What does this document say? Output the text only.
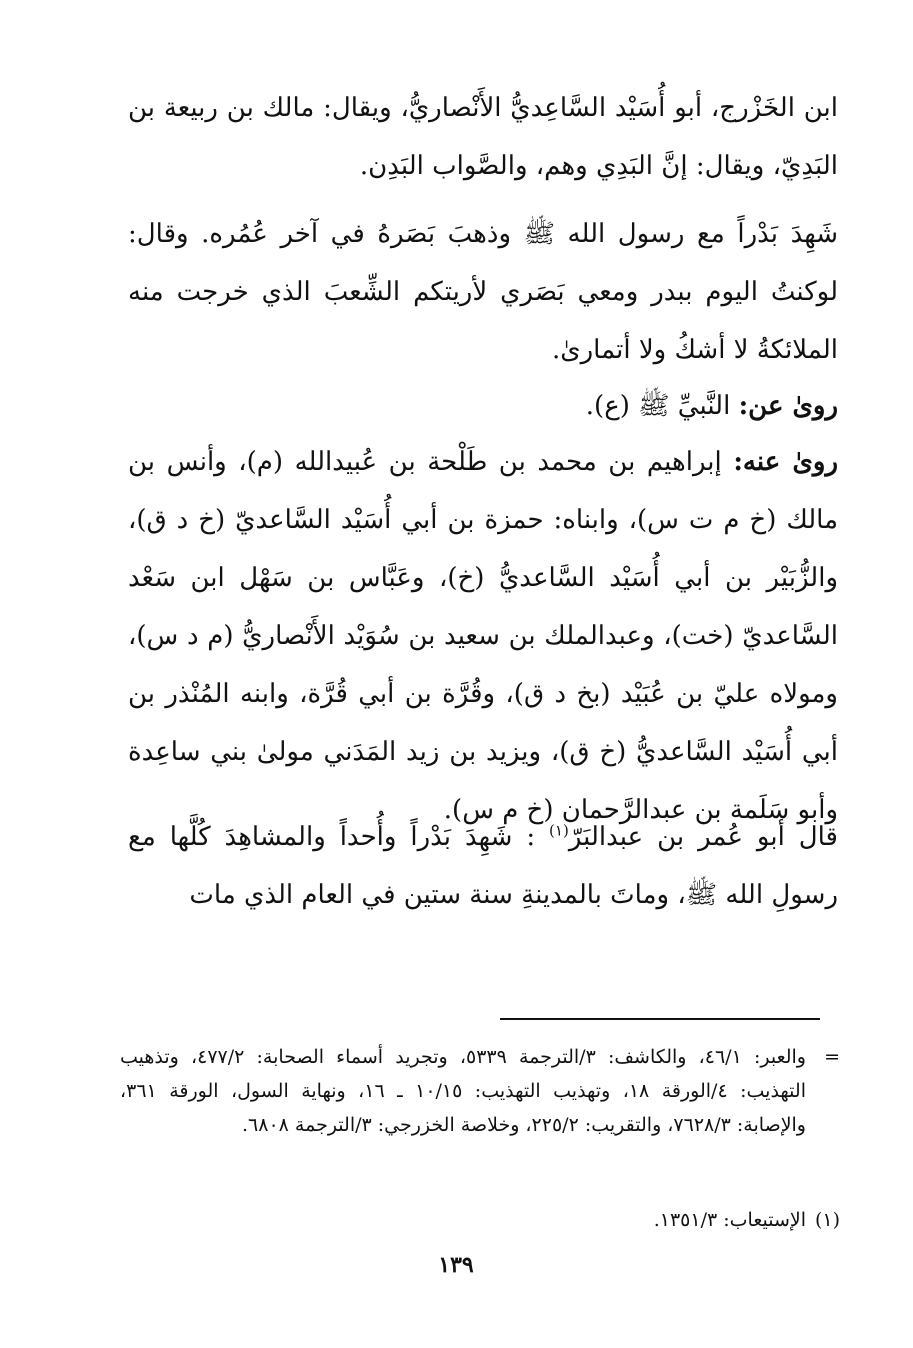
ابن الخَزْرج، أبو أُسَيْد السَّاعِديُّ الأَنْصاريُّ، ويقال: مالك بن ربيعة بن البَدِيّ، ويقال: إنَّ البَدِي وهم، والصَّواب البَدِن.

شَهِدَ بَدْراً مع رسول الله ﷺ وذهبَ بَصَرهُ في آخر عُمُره. وقال: لوكنتُ اليوم ببدر ومعي بَصَري لأريتكم الشِّعبَ الذي خرجت منه الملائكةُ لا أشكُ ولا أتمارىٰ.

روىٰ عن: النَّبيِّ ﷺ (ع).

روىٰ عنه: إبراهيم بن محمد بن طَلْحة بن عُبيدالله (م)، وأنس بن مالك (خ م ت س)، وابناه: حمزة بن أبي أُسَيْد السَّاعديّ (خ د ق)، والزُّبَيْر بن أبي أُسَيْد السَّاعديُّ (خ)، وعَبَّاس بن سَهْل ابن سَعْد السَّاعديّ (خت)، وعبدالملك بن سعيد بن سُوَيْد الأَنْصاريُّ (م د س)، ومولاه عليّ بن عُبَيْد (بخ د ق)، وقُرَّة بن أبي قُرَّة، وابنه المُنْذر بن أبي أُسَيْد السَّاعديُّ (خ ق)، ويزيد بن زيد المَدَني مولىٰ بني ساعِدة وأبو سَلَمة بن عبدالرَّحمان (خ م س).

قال أبو عُمر بن عبدالبَرّ$^{(١)}$ : شَهِدَ بَدْراً وأُحداً والمشاهِدَ كُلَّها مع رسولِ الله ﷺ، وماتَ بالمدينةِ سنة ستين في العام الذي مات

=
والعبر: ٤٦/١، والكاشف: ٣/الترجمة ٥٣٣٩، وتجريد أسماء الصحابة: ٤٧٧/٢، وتذهيب التهذيب: ٤/الورقة ١٨، وتهذيب التهذيب: ١٠/١٥ ـ ١٦، ونهاية السول، الورقة ٣٦١، والإصابة: ٧٦٢٨/٣، والتقريب: ٢٢٥/٢، وخلاصة الخزرجي: ٣/الترجمة ٦٨٠٨.
(١)
الإستيعاب: ١٣٥١/٣.
١٣٩
